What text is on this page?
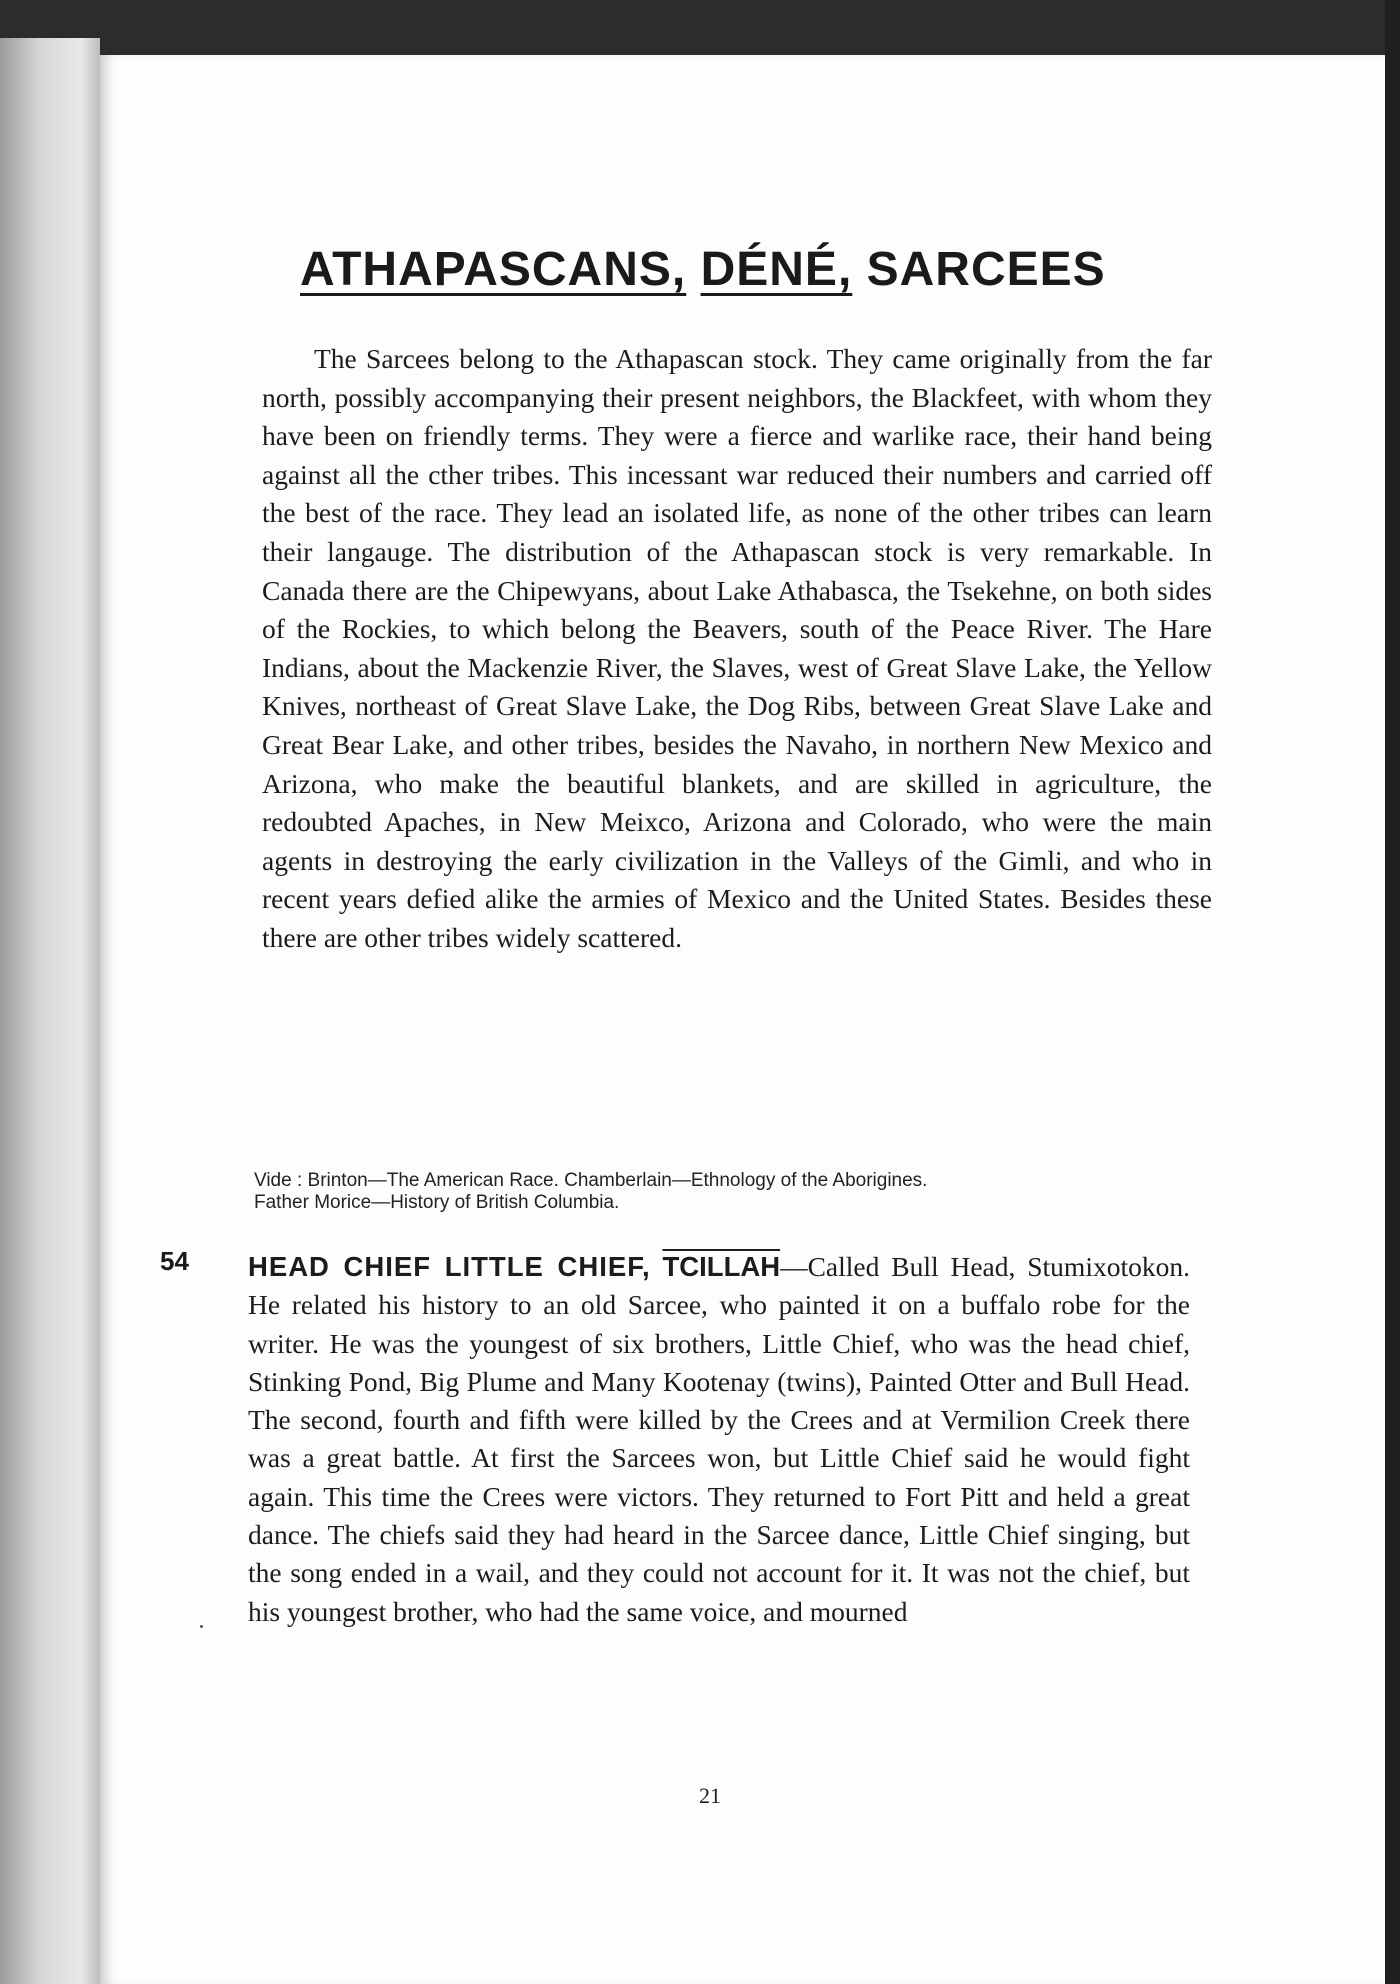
ATHAPASCANS, DÉNÉ, SARCEES

The Sarcees belong to the Athapascan stock. They came originally from the far north, possibly accompanying their present neighbors, the Blackfeet, with whom they have been on friendly terms. They were a fierce and warlike race, their hand being against all the cther tribes. This incessant war reduced their numbers and carried off the best of the race. They lead an isolated life, as none of the other tribes can learn their langauge. The distribution of the Athapascan stock is very remarkable. In Canada there are the Chipewyans, about Lake Athabasca, the Tsekehne, on both sides of the Rockies, to which belong the Beavers, south of the Peace River. The Hare Indians, about the Mackenzie River, the Slaves, west of Great Slave Lake, the Yellow Knives, northeast of Great Slave Lake, the Dog Ribs, between Great Slave Lake and Great Bear Lake, and other tribes, besides the Navaho, in northern New Mexico and Arizona, who make the beautiful blankets, and are skilled in agriculture, the redoubted Apaches, in New Meixco, Arizona and Colorado, who were the main agents in destroying the early civilization in the Valleys of the Gimli, and who in recent years defied alike the armies of Mexico and the United States. Besides these there are other tribes widely scattered.

Vide : Brinton—The American Race. Chamberlain—Ethnology of the Aborigines.
Father Morice—History of British Columbia.
54 HEAD CHIEF LITTLE CHIEF, TCILLAH—Called Bull Head, Stumixotokon. He related his history to an old Sarcee, who painted it on a buffalo robe for the writer. He was the youngest of six brothers, Little Chief, who was the head chief, Stinking Pond, Big Plume and Many Kootenay (twins), Painted Otter and Bull Head. The second, fourth and fifth were killed by the Crees and at Vermilion Creek there was a great battle. At first the Sarcees won, but Little Chief said he would fight again. This time the Crees were victors. They returned to Fort Pitt and held a great dance. The chiefs said they had heard in the Sarcee dance, Little Chief singing, but the song ended in a wail, and they could not account for it. It was not the chief, but his youngest brother, who had the same voice, and mourned
21
